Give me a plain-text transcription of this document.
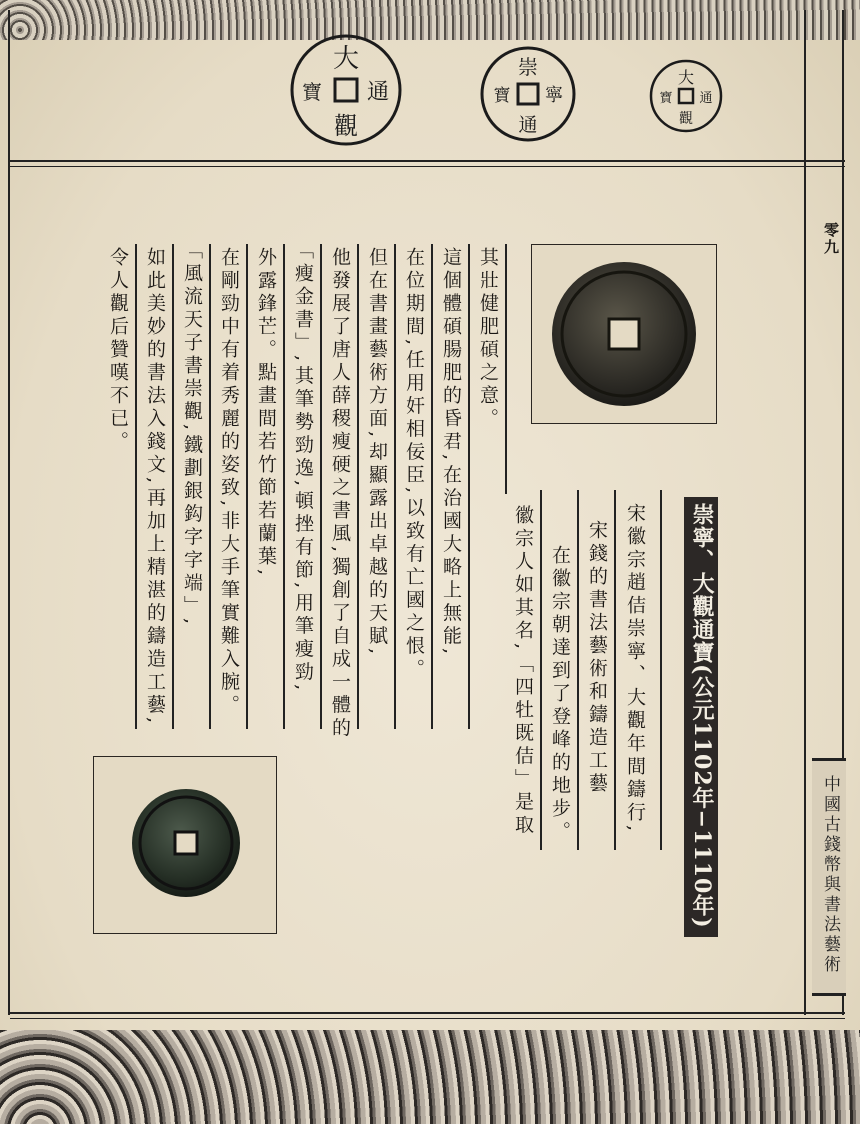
大
通
觀
寶
崇
寧
通
寶
大
通
觀
寶
零九
中國古錢幣與書法藝術
崇寧、大觀通寶(公元1102年−1110年)
宋徽宗趙佶崇寧、大觀年間鑄行,
宋錢的書法藝術和鑄造工藝
在徽宗朝達到了登峰的地步。
徽宗人如其名,「四牡既佶」是取
其壯健肥碩之意。
這個體碩腸肥的昏君,在治國大略上無能,
在位期間,任用奸相佞臣,以致有亡國之恨。
但在書畫藝術方面,却顯露出卓越的天賦,
他發展了唐人薛稷瘦硬之書風,獨創了自成一體的
「瘦金書」,其筆勢勁逸,頓挫有節,用筆瘦勁,
外露鋒芒。點畫間若竹節若蘭葉,
在剛勁中有着秀麗的姿致,非大手筆實難入腕。
「風流天子書崇觀,鐵劃銀鈎字字端」,
如此美妙的書法入錢文,再加上精湛的鑄造工藝,
令人觀后贊嘆不已。
